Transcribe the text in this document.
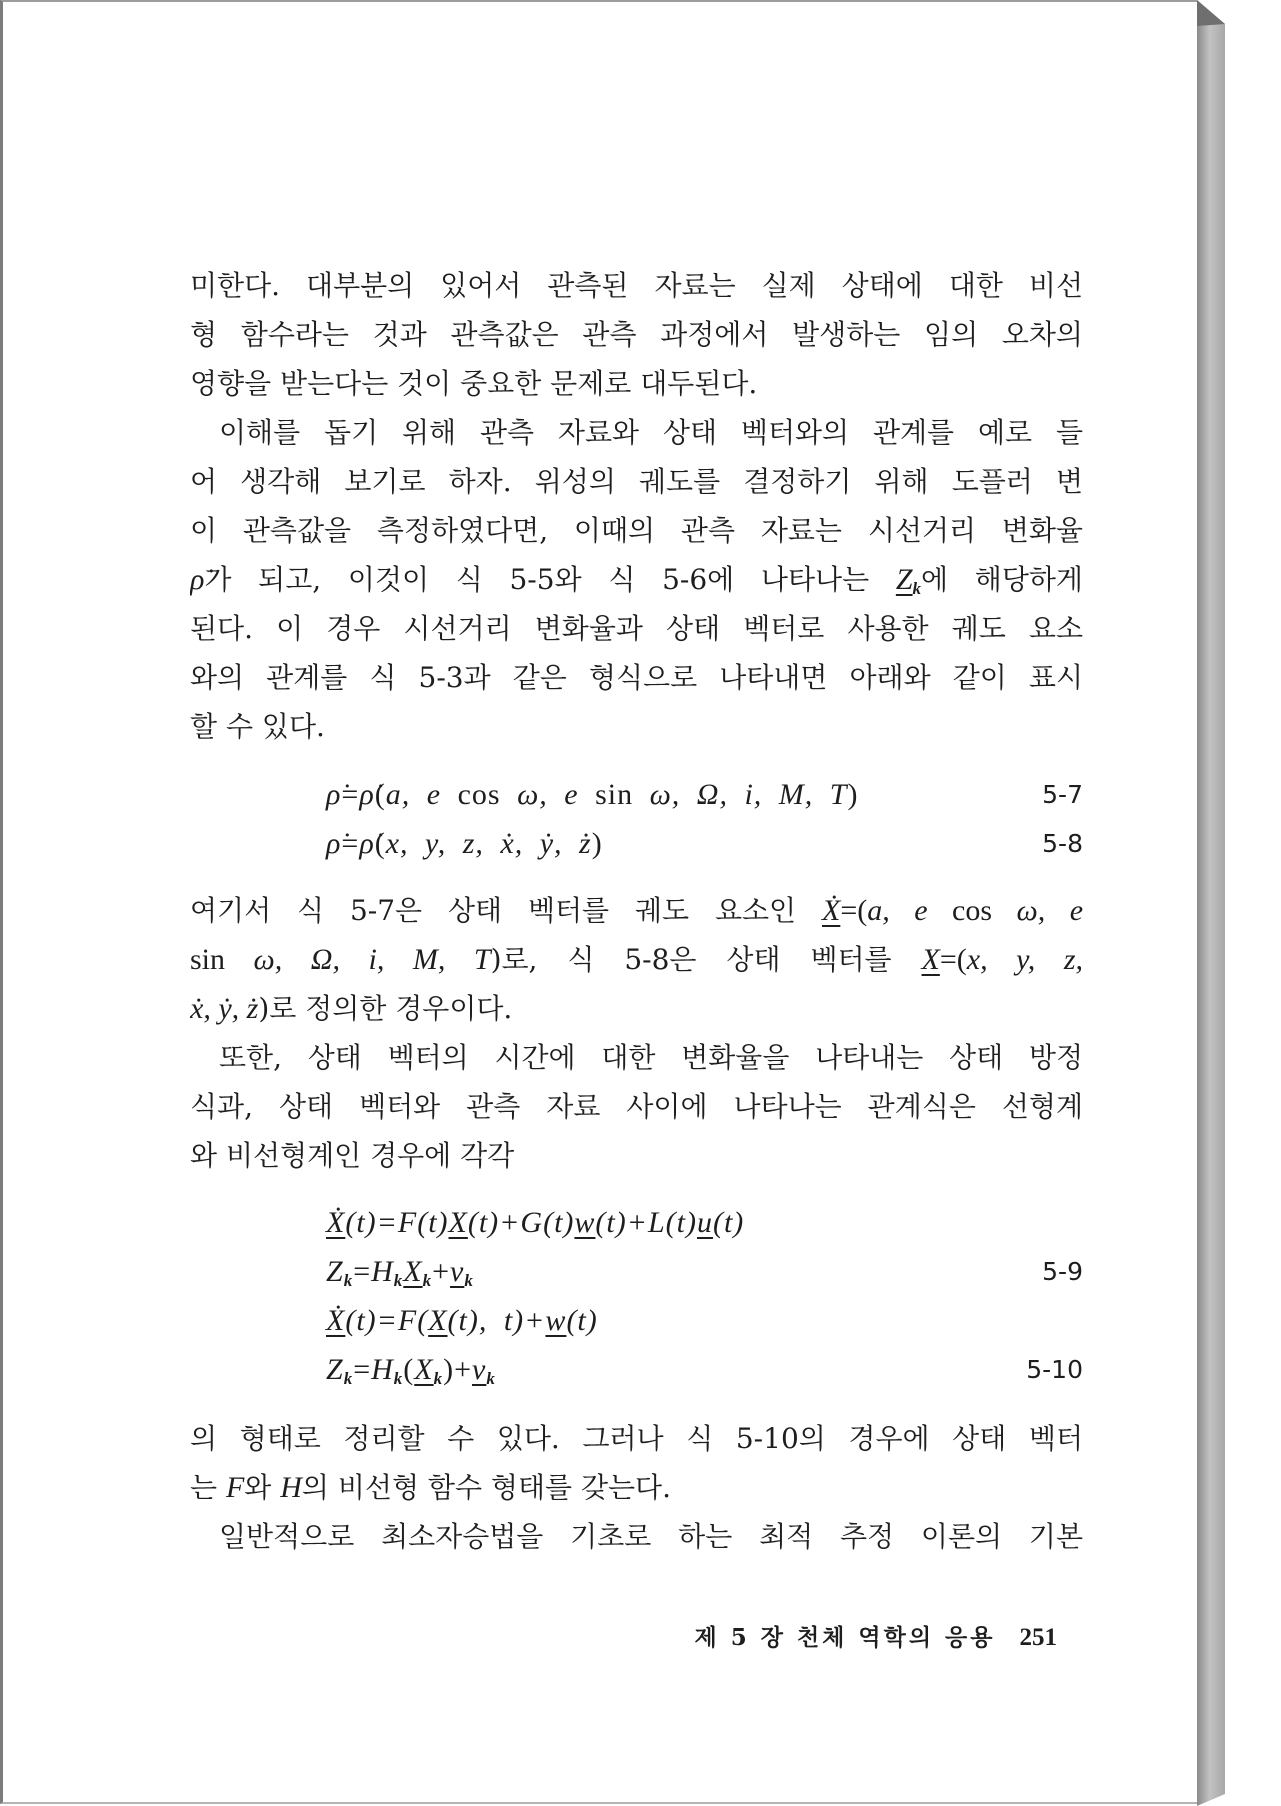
미한다. 대부분의 있어서 관측된 자료는 실제 상태에 대한 비선
형 함수라는 것과 관측값은 관측 과정에서 발생하는 임의 오차의
영향을 받는다는 것이 중요한 문제로 대두된다.
이해를 돕기 위해 관측 자료와 상태 벡터와의 관계를 예로 들
어 생각해 보기로 하자. 위성의 궤도를 결정하기 위해 도플러 변
이 관측값을 측정하였다면, 이때의 관측 자료는 시선거리 변화율
ρ̇가 되고, 이것이 식 5-5와 식 5-6에 나타나는 $Z_k$에 해당하게
된다. 이 경우 시선거리 변화율과 상태 벡터로 사용한 궤도 요소
와의 관계를 식 5-3과 같은 형식으로 나타내면 아래와 같이 표시
할 수 있다.
ρ̇=ρ̇(a, e cos ω, e sin ω, Ω, i, M, T)	5-7
ρ̇=ρ̇(x, y, z, ẋ, ẏ, ż)	5-8
여기서 식 5-7은 상태 벡터를 궤도 요소인 Ẋ=(a, e cos ω, e
sin ω, Ω, i, M, T)로, 식 5-8은 상태 벡터를 X=(x, y, z,
ẋ, ẏ, ż)로 정의한 경우이다.
또한, 상태 벡터의 시간에 대한 변화율을 나타내는 상태 방정
식과, 상태 벡터와 관측 자료 사이에 나타나는 관계식은 선형계
와 비선형계인 경우에 각각
Ẋ(t)=F(t)X(t)+G(t)w(t)+L(t)u(t)
Zk=HkXk+vk	5-9
Ẋ(t)=F(X(t), t)+w(t)
Zk=Hk(Xk)+vk	5-10
의 형태로 정리할 수 있다. 그러나 식 5-10의 경우에 상태 벡터
는 F와 H의 비선형 함수 형태를 갖는다.
일반적으로 최소자승법을 기초로 하는 최적 추정 이론의 기본
제 5 장 천체 역학의 응용 251
